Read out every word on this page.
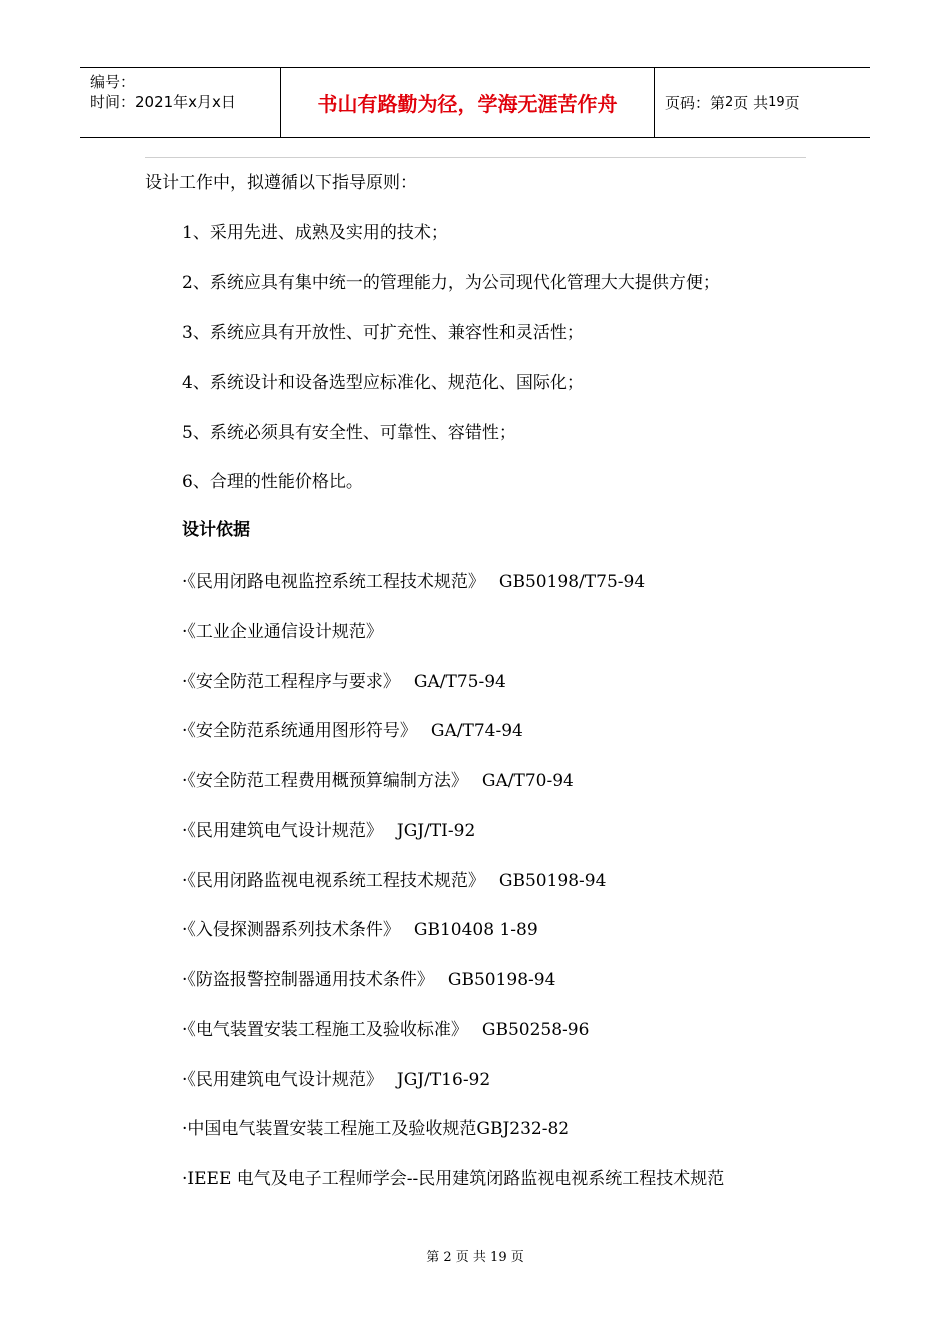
编号：
时间：2021年x月x日	书山有路勤为径，学海无涯苦作舟	页码：第 2 页 共 19 页
设计工作中，拟遵循以下指导原则：
1、采用先进、成熟及实用的技术；
2、系统应具有集中统一的管理能力，为公司现代化管理大大提供方便；
3、系统应具有开放性、可扩充性、兼容性和灵活性；
4、系统设计和设备选型应标准化、规范化、国际化；
5、系统必须具有安全性、可靠性、容错性；
6、合理的性能价格比。
设计依据
·《民用闭路电视监控系统工程技术规范》 GB50198/T75-94
·《工业企业通信设计规范》
·《安全防范工程程序与要求》 GA/T75-94
·《安全防范系统通用图形符号》 GA/T74-94
·《安全防范工程费用概预算编制方法》 GA/T70-94
·《民用建筑电气设计规范》 JGJ/TI-92
·《民用闭路监视电视系统工程技术规范》 GB50198-94
·《入侵探测器系列技术条件》 GB10408 1-89
·《防盗报警控制器通用技术条件》 GB50198-94
·《电气装置安装工程施工及验收标准》 GB50258-96
·《民用建筑电气设计规范》 JGJ/T16-92
·中国电气装置安装工程施工及验收规范GBJ232-82
·IEEE 电气及电子工程师学会--民用建筑闭路监视电视系统工程技术规范
第 2 页 共 19 页
